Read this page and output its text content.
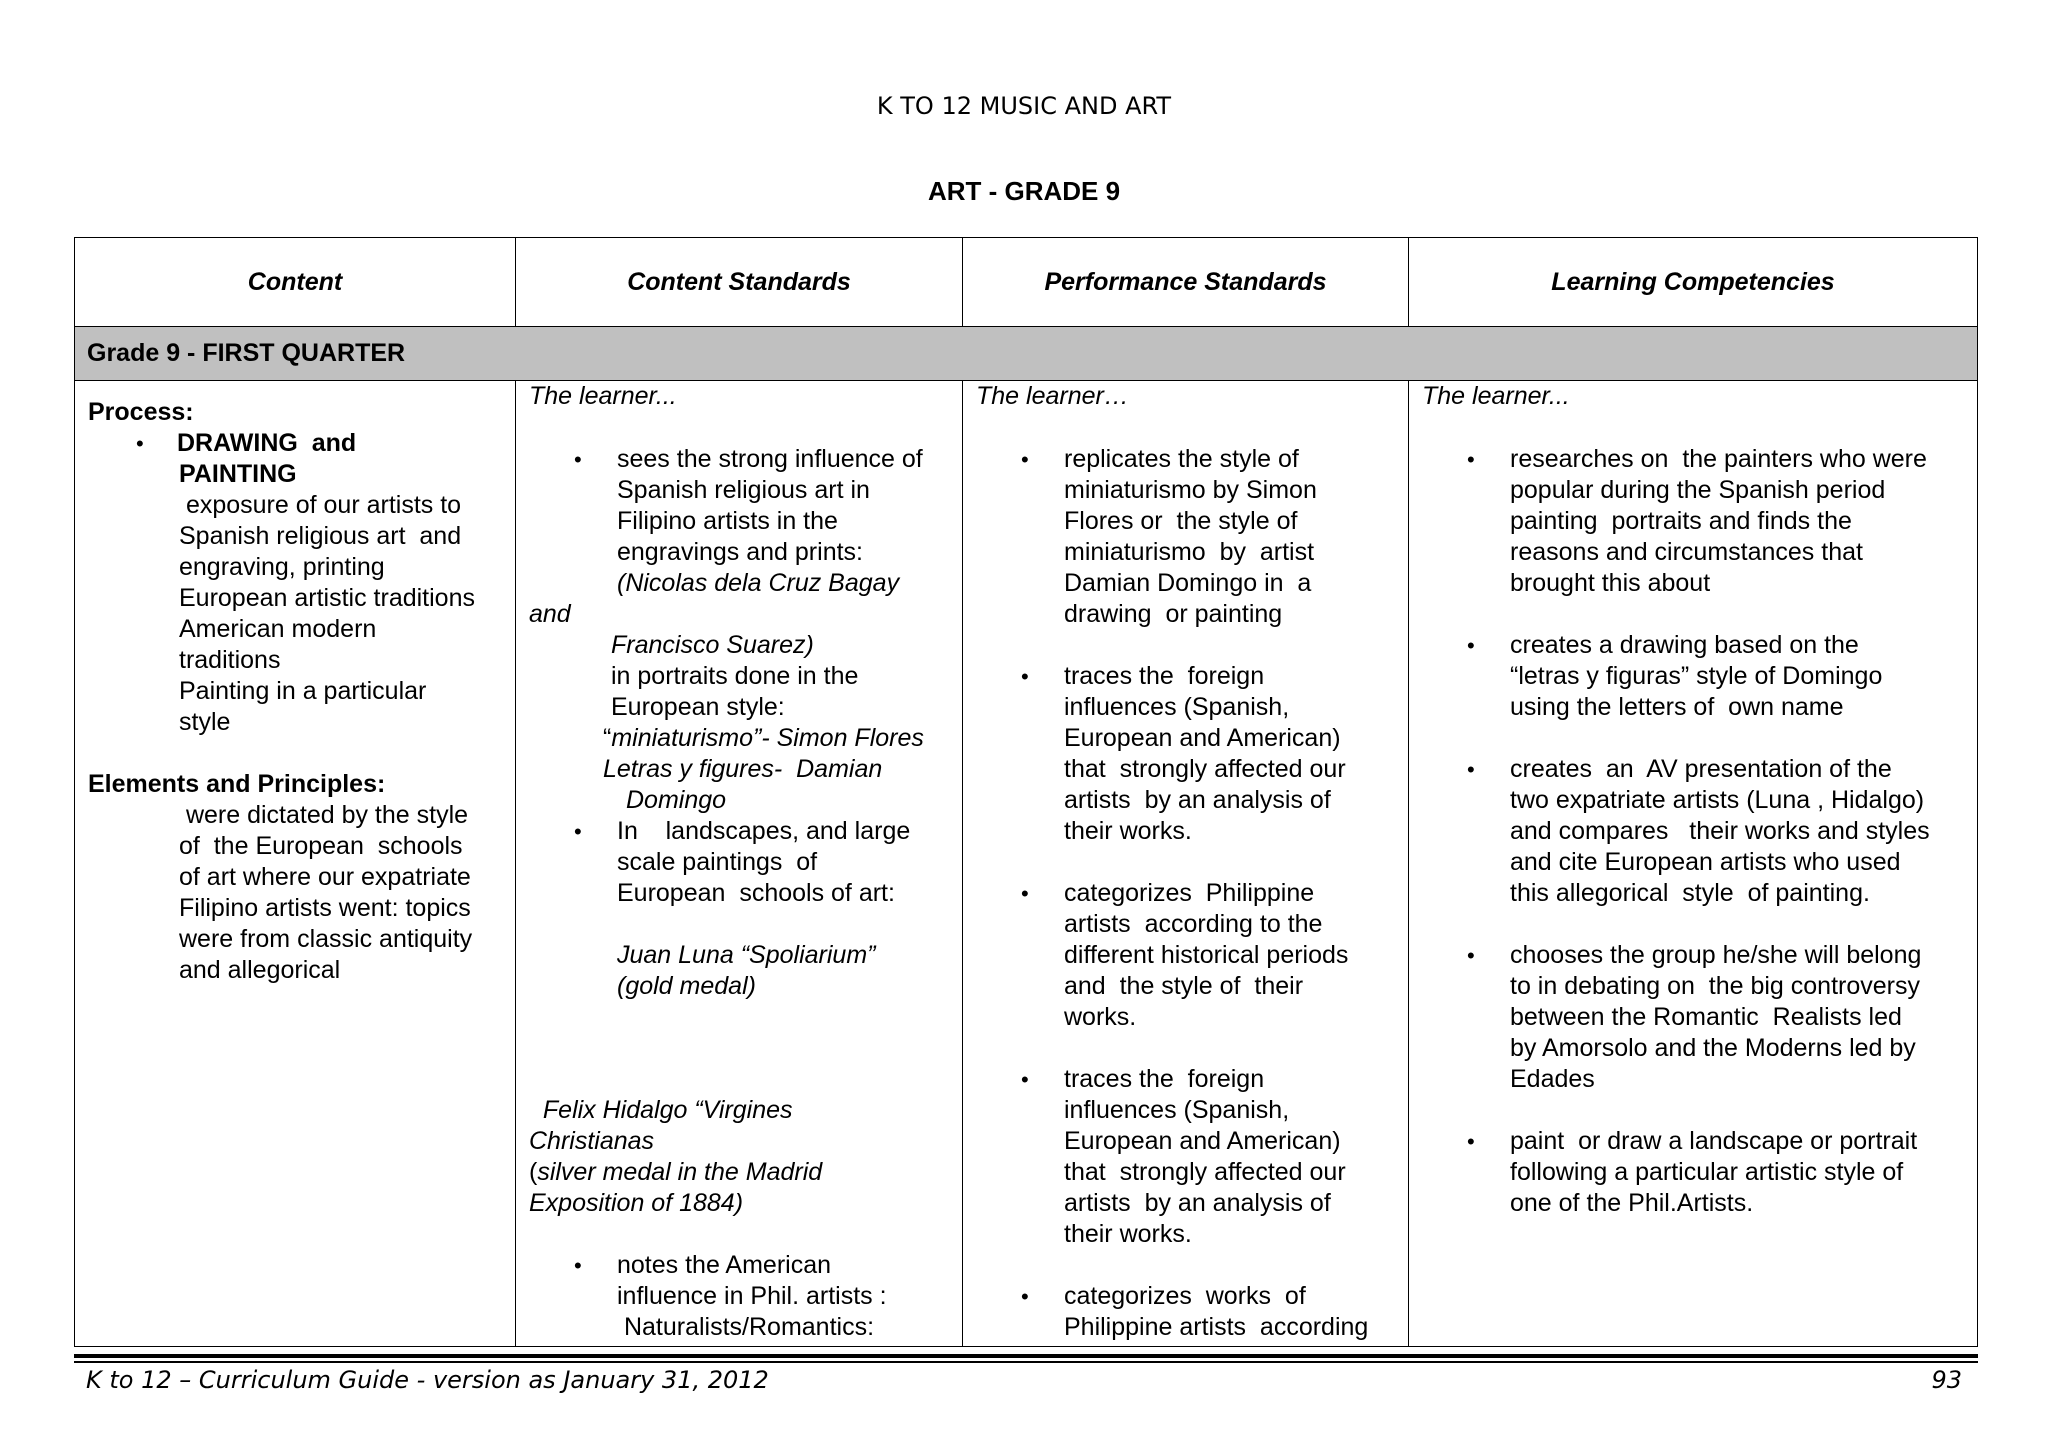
K TO 12 MUSIC AND ART
ART - GRADE 9
Content	Content Standards	Performance Standards	Learning Competencies
Grade 9 - FIRST QUARTER
Process:
•	DRAWING  and
PAINTING
exposure of our artists to
Spanish religious art  and
engraving, printing
European artistic traditions
American modern
traditions
Painting in a particular
style
Elements and Principles:
were dictated by the style
of  the European  schools
of art where our expatriate
Filipino artists went: topics
were from classic antiquity
and allegorical
The learner...
• sees the strong influence of
Spanish religious art in
Filipino artists in the
engravings and prints:
(Nicolas dela Cruz Bagay
and
Francisco Suarez)
in portraits done in the
European style:
“miniaturismo”- Simon Flores
Letras y figures-  Damian
Domingo
• In    landscapes, and large
scale paintings  of
European  schools of art:
Juan Luna “Spoliarium”
(gold medal)
Felix Hidalgo “Virgines
Christianas
(silver medal in the Madrid
Exposition of 1884)
• notes the American
influence in Phil. artists :
Naturalists/Romantics:
The learner…
• replicates the style of
miniaturismo by Simon
Flores or  the style of
miniaturismo  by  artist
Damian Domingo in  a
drawing  or painting
• traces the  foreign
influences (Spanish,
European and American)
that  strongly affected our
artists  by an analysis of
their works.
• categorizes  Philippine
artists  according to the
different historical periods
and  the style of  their
works.
• traces the  foreign
influences (Spanish,
European and American)
that  strongly affected our
artists  by an analysis of
their works.
• categorizes  works  of
Philippine artists  according
The learner...
• researches on  the painters who were
popular during the Spanish period
painting  portraits and finds the
reasons and circumstances that
brought this about
• creates a drawing based on the
“letras y figuras” style of Domingo
using the letters of  own name
• creates  an  AV presentation of the
two expatriate artists (Luna , Hidalgo)
and compares   their works and styles
and cite European artists who used
this allegorical  style  of painting.
• chooses the group he/she will belong
to in debating on  the big controversy
between the Romantic  Realists led
by Amorsolo and the Moderns led by
Edades
• paint  or draw a landscape or portrait
following a particular artistic style of
one of the Phil.Artists.
K to 12 – Curriculum Guide - version as January 31, 2012	93
